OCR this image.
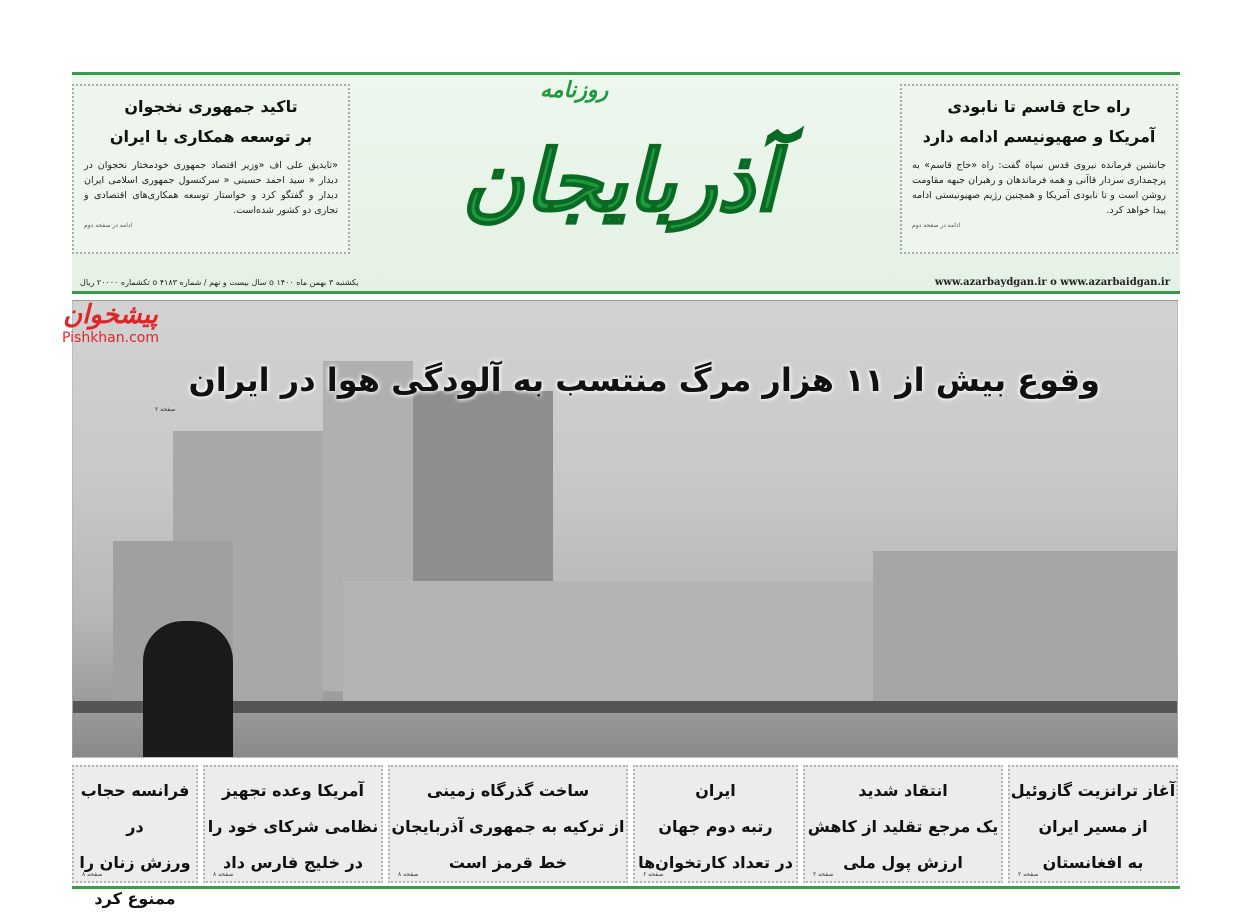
راه حاج قاسم تا نابودی
آمریکا و صهیونیسم ادامه دارد

جانشین فرمانده نیروی قدس سپاه گفت: راه «حاج قاسم» به پرچمداری سردار قاآنی و همه فرماندهان و رهبران جبهه مقاومت روشن است و تا نابودی آمریکا و همچنین رژیم صهیونیستی ادامه پیدا خواهد کرد.

ادامه در صفحه دوم
تاکید جمهوری نخجوان
بر توسعه همکاری با ایران

«تایدیق علی اف «وزیر اقتصاد جمهوری خودمختار نخجوان در دیدار « سید احمد حسینی « سرکنسول جمهوری اسلامی ایران دیدار و گفتگو کرد و خواستار توسعه همکاری‌های اقتصادی و تجاری دو کشور شده‌است.

ادامه در صفحه دوم
روزنامه
آذربایجان
www.azarbaydgan.ir ο www.azarbaidgan.ir
یکشنبه ۳ بهمن ماه ۱۴۰۰ ο سال بیست و نهم / شماره ۴۱۸۳ ο تکشماره ۲۰۰۰۰ ریال
پیشخوان
Pishkhan.com
وقوع بیش از ۱۱ هزار مرگ منتسب به آلودگی هوا در ایران
صفحه ۲
آغاز ترانزیت گازوئیل
از مسیر ایران
به افغانستان
صفحه ۲
انتقاد شدید
یک مرجع تقلید از کاهش
ارزش پول ملی
صفحه ۲
ایران
رتبه دوم جهان
در تعداد کارتخوان‌ها
صفحه ۶
ساخت گذرگاه زمینی
از ترکیه به جمهوری آذربایجان
خط قرمز است
صفحه ۸
آمریکا وعده تجهیز
نظامی شرکای خود را
در خلیج فارس داد
صفحه ۸
فرانسه حجاب در
ورزش زنان را
ممنوع کرد
صفحه ۸
